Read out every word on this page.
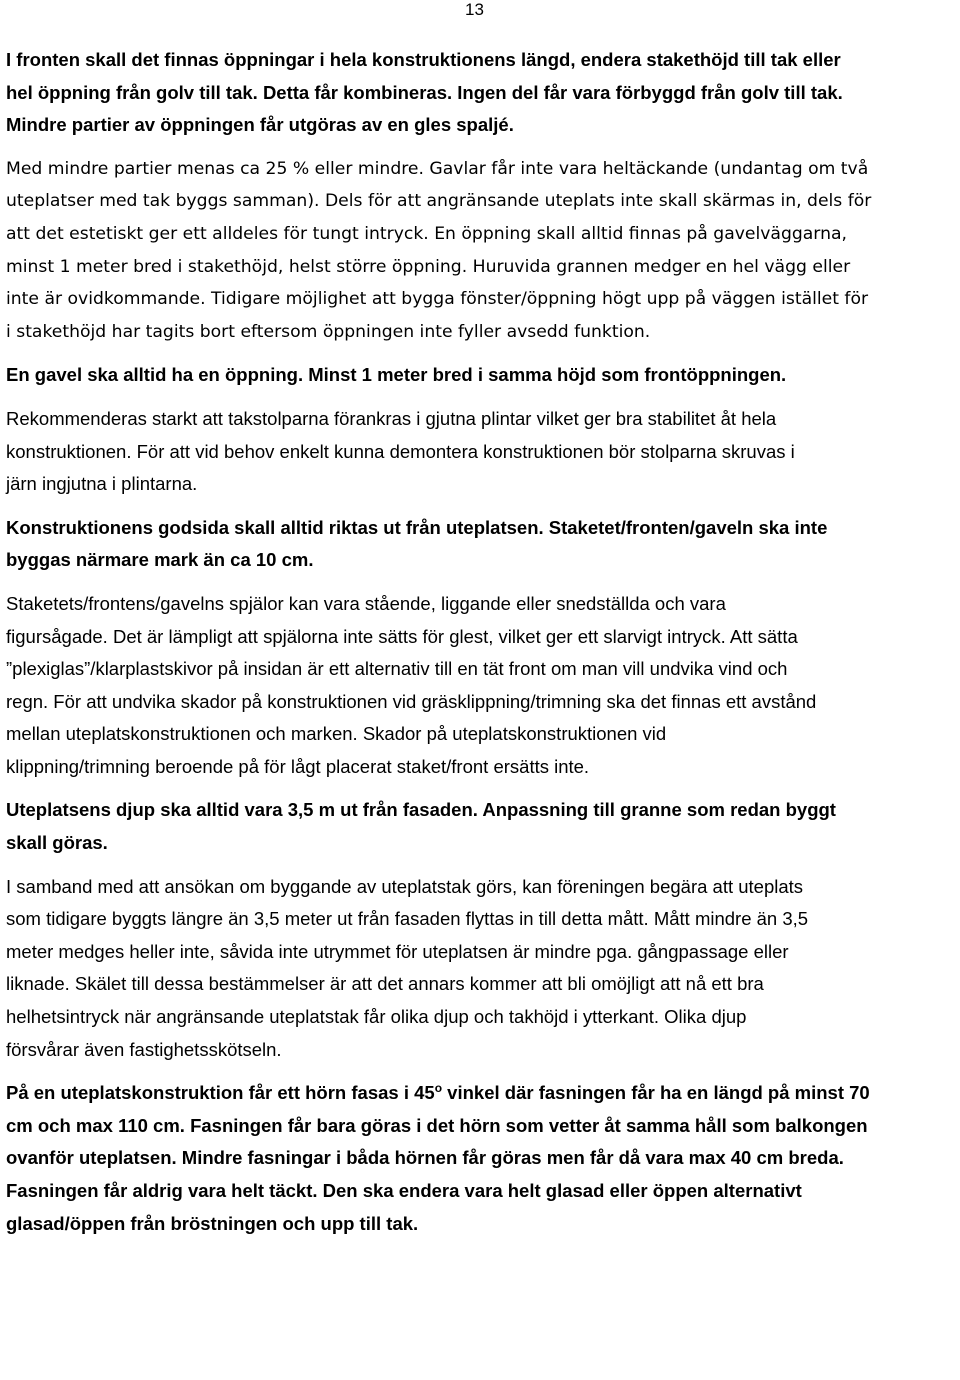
13

I fronten skall det finnas öppningar i hela konstruktionens längd, endera stakethöjd till tak eller
hel öppning från golv till tak. Detta får kombineras. Ingen del får vara förbyggd från golv till tak.
Mindre partier av öppningen får utgöras av en gles spaljé.

Med mindre partier menas ca 25 % eller mindre. Gavlar får inte vara heltäckande (undantag om två
uteplatser med tak byggs samman). Dels för att angränsande uteplats inte skall skärmas in, dels för
att det estetiskt ger ett alldeles för tungt intryck. En öppning skall alltid finnas på gavelväggarna,
minst 1 meter bred i stakethöjd, helst större öppning. Huruvida grannen medger en hel vägg eller
inte är ovidkommande. Tidigare möjlighet att bygga fönster/öppning högt upp på väggen istället för
i stakethöjd har tagits bort eftersom öppningen inte fyller avsedd funktion.

En gavel ska alltid ha en öppning. Minst 1 meter bred i samma höjd som frontöppningen.

Rekommenderas starkt att takstolparna förankras i gjutna plintar vilket ger bra stabilitet åt hela
konstruktionen. För att vid behov enkelt kunna demontera konstruktionen bör stolparna skruvas i
järn ingjutna i plintarna.

Konstruktionens godsida skall alltid riktas ut från uteplatsen. Staketet/fronten/gaveln ska inte
byggas närmare mark än ca 10 cm.

Staketets/frontens/gavelns spjälor kan vara stående, liggande eller snedställda och vara
figursågade. Det är lämpligt att spjälorna inte sätts för glest, vilket ger ett slarvigt intryck. Att sätta
”plexiglas”/klarplastskivor på insidan är ett alternativ till en tät front om man vill undvika vind och
regn. För att undvika skador på konstruktionen vid gräsklippning/trimning ska det finnas ett avstånd
mellan uteplatskonstruktionen och marken. Skador på uteplatskonstruktionen vid
klippning/trimning beroende på för lågt placerat staket/front ersätts inte.

Uteplatsens djup ska alltid vara 3,5 m ut från fasaden. Anpassning till granne som redan byggt
skall göras.

I samband med att ansökan om byggande av uteplatstak görs, kan föreningen begära att uteplats
som tidigare byggts längre än 3,5 meter ut från fasaden flyttas in till detta mått. Mått mindre än 3,5
meter medges heller inte, såvida inte utrymmet för uteplatsen är mindre pga. gångpassage eller
liknade. Skälet till dessa bestämmelser är att det annars kommer att bli omöjligt att nå ett bra
helhetsintryck när angränsande uteplatstak får olika djup och takhöjd i ytterkant. Olika djup
försvårar även fastighetsskötseln.

På en uteplatskonstruktion får ett hörn fasas i 45$^o$ vinkel där fasningen får ha en längd på minst 70
cm och max 110 cm. Fasningen får bara göras i det hörn som vetter åt samma håll som balkongen
ovanför uteplatsen. Mindre fasningar i båda hörnen får göras men får då vara max 40 cm breda.
Fasningen får aldrig vara helt täckt. Den ska endera vara helt glasad eller öppen alternativt
glasad/öppen från bröstningen och upp till tak.
